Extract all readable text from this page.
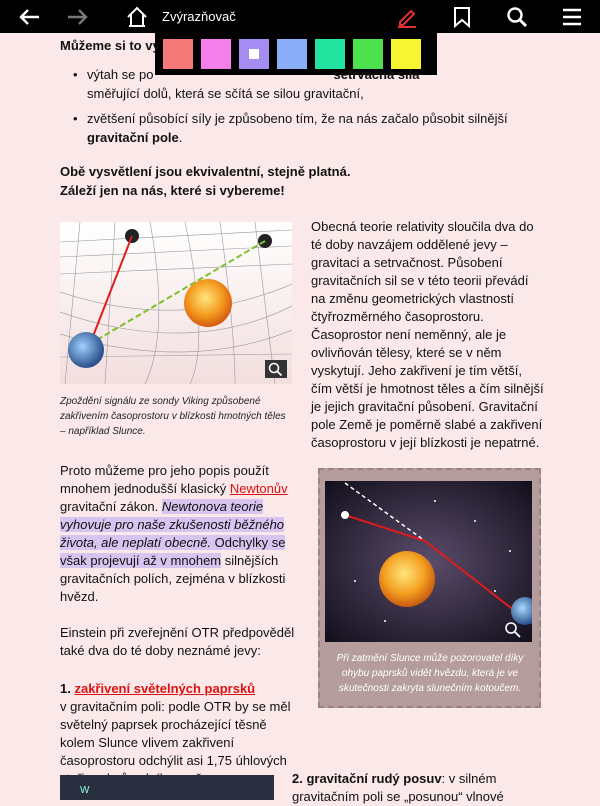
Zvýrazňovač
Můžeme si to vy
• výtah se po	setrvačná síla
směřující dolů, která se sčítá se silou gravitační,
• zvětšení působící síly je způsobeno tím, že na nás začalo působit silnější gravitační pole.
Obě vysvětlení jsou ekvivalentní, stejně platná.
Záleží jen na nás, které si vybereme!
Zpoždění signálu ze sondy Viking způsobené zakřivením časoprostoru v blízkosti hmotných těles – například Slunce.
Obecná teorie relativity sloučila dva do té doby navzájem oddělené jevy – gravitaci a setrvačnost. Působení gravitačních sil se v této teorii převádí na změnu geometrických vlastností čtyřrozměrného časoprostoru. Časoprostor není neměnný, ale je ovlivňován tělesy, které se v něm vyskytují. Jeho zakřivení je tím větší, čím větší je hmotnost těles a čím silnější je jejich gravitační působení. Gravitační pole Země je poměrně slabé a zakřivení časoprostoru v její blízkosti je nepatrné.
Proto můžeme pro jeho popis použít mnohem jednodušší klasický Newtonův gravitační zákon. Newtonova teorie vyhovuje pro naše zkušenosti běžného života, ale neplatí obecně. Odchylky se však projevují až v mnohem silnějších gravitačních polích, zejména v blízkosti hvězd.
Při zatmění Slunce může pozorovatel díky ohybu paprsků vidět hvězdu, která je ve skutečnosti zakryta slunečním kotoučem.
Einstein při zveřejnění OTR předpověděl také dva do té doby neznámé jevy:
1. zakřivení světelných paprsků
v gravitačním poli: podle OTR by se měl světelný paprsek procházející těsně kolem Slunce vlivem zakřivení časoprostoru odchýlit asi 1,75 úhlových
W
2. gravitační rudý posuv: v silném gravitačním poli se „posunou“ vlnové
